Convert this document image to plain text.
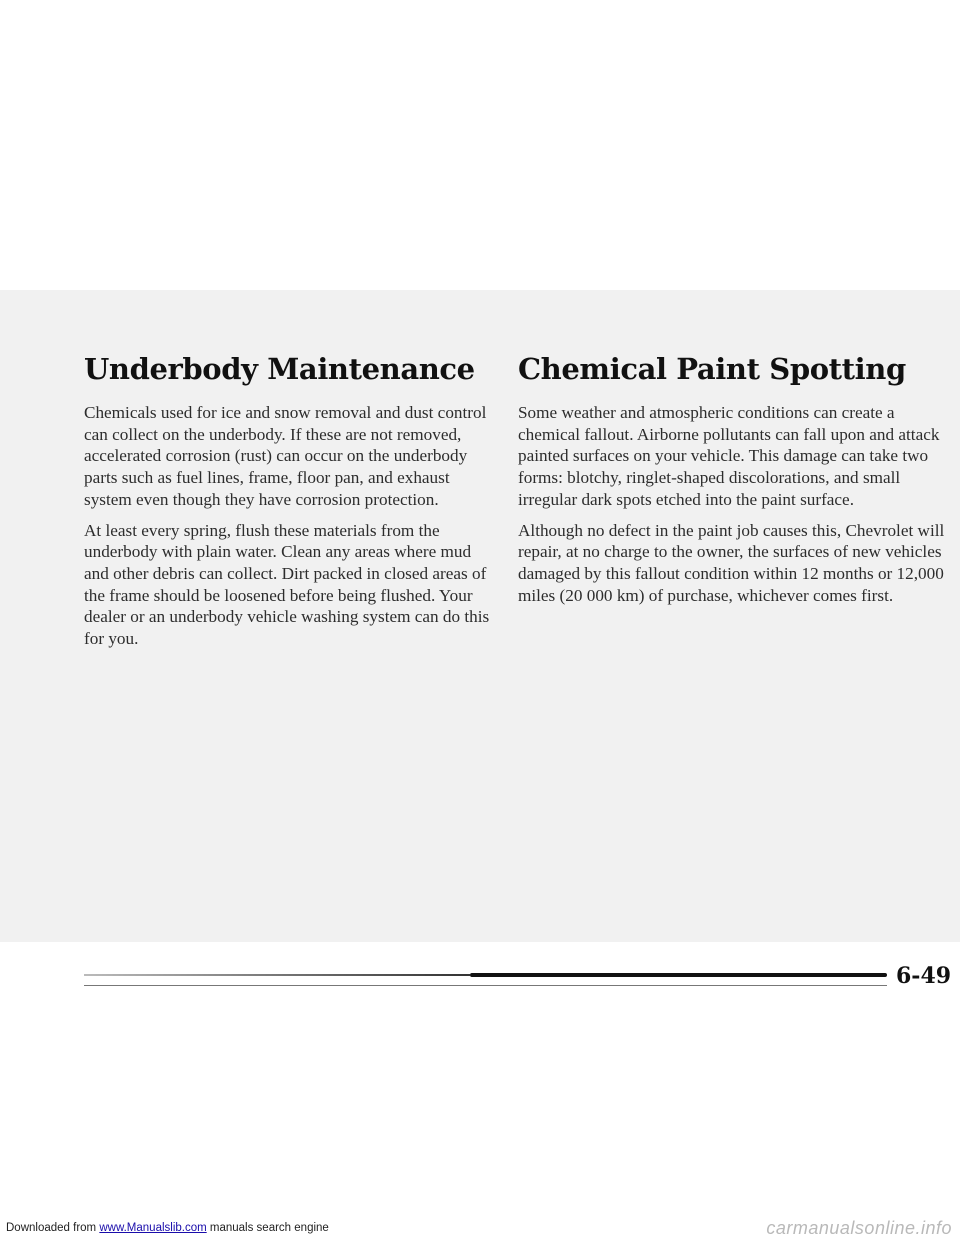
Underbody Maintenance

Chemicals used for ice and snow removal and dust control can collect on the underbody. If these are not removed, accelerated corrosion (rust) can occur on the underbody parts such as fuel lines, frame, floor pan, and exhaust system even though they have corrosion protection.

At least every spring, flush these materials from the underbody with plain water. Clean any areas where mud and other debris can collect. Dirt packed in closed areas of the frame should be loosened before being flushed. Your dealer or an underbody vehicle washing system can do this for you.

Chemical Paint Spotting

Some weather and atmospheric conditions can create a chemical fallout. Airborne pollutants can fall upon and attack painted surfaces on your vehicle. This damage can take two forms: blotchy, ringlet-shaped discolorations, and small irregular dark spots etched into the paint surface.

Although no defect in the paint job causes this, Chevrolet will repair, at no charge to the owner, the surfaces of new vehicles damaged by this fallout condition within 12 months or 12,000 miles (20 000 km) of purchase, whichever comes first.

6-49
Downloaded from www.Manualslib.com manuals search engine	carmanualsonline.info
